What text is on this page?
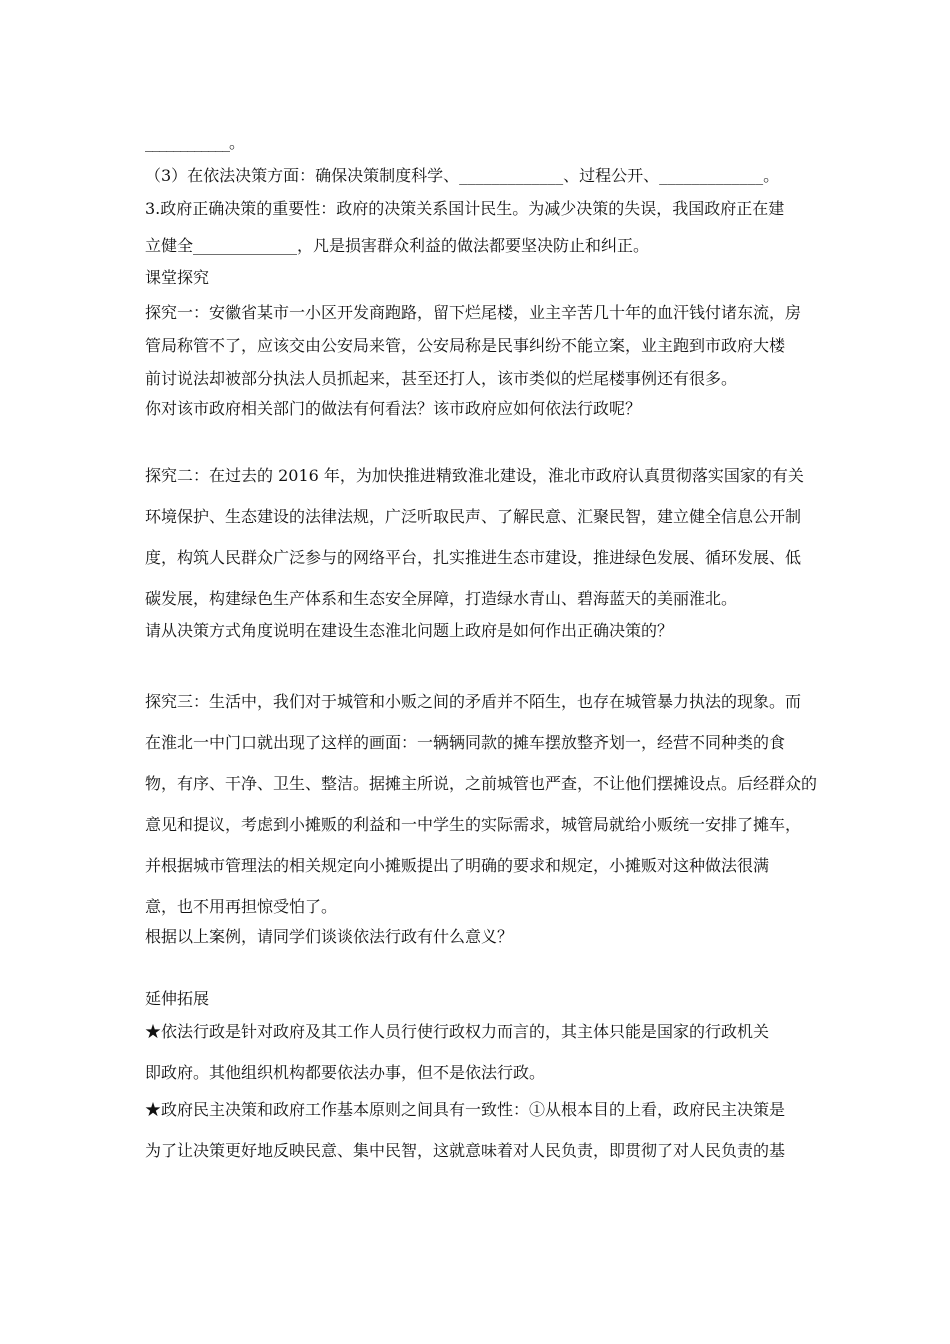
____________。
（3）在依法决策方面：确保决策制度科学、_____________、过程公开、_____________。
3.政府正确决策的重要性：政府的决策关系国计民生。为减少决策的失误，我国政府正在建
立健全_____________，凡是损害群众利益的做法都要坚决防止和纠正。
课堂探究
探究一：安徽省某市一小区开发商跑路，留下烂尾楼，业主辛苦几十年的血汗钱付诸东流，房
管局称管不了，应该交由公安局来管，公安局称是民事纠纷不能立案，业主跑到市政府大楼
前讨说法却被部分执法人员抓起来，甚至还打人，该市类似的烂尾楼事例还有很多。
你对该市政府相关部门的做法有何看法？该市政府应如何依法行政呢？
探究二：在过去的 2016 年，为加快推进精致淮北建设，淮北市政府认真贯彻落实国家的有关
环境保护、生态建设的法律法规，广泛听取民声、了解民意、汇聚民智，建立健全信息公开制
度，构筑人民群众广泛参与的网络平台，扎实推进生态市建设，推进绿色发展、循环发展、低
碳发展，构建绿色生产体系和生态安全屏障，打造绿水青山、碧海蓝天的美丽淮北。
请从决策方式角度说明在建设生态淮北问题上政府是如何作出正确决策的？
探究三：生活中，我们对于城管和小贩之间的矛盾并不陌生，也存在城管暴力执法的现象。而
在淮北一中门口就出现了这样的画面：一辆辆同款的摊车摆放整齐划一，经营不同种类的食
物，有序、干净、卫生、整洁。据摊主所说，之前城管也严查，不让他们摆摊设点。后经群众的
意见和提议，考虑到小摊贩的利益和一中学生的实际需求，城管局就给小贩统一安排了摊车，
并根据城市管理法的相关规定向小摊贩提出了明确的要求和规定，小摊贩对这种做法很满
意，也不用再担惊受怕了。
根据以上案例，请同学们谈谈依法行政有什么意义？
延伸拓展
★依法行政是针对政府及其工作人员行使行政权力而言的，其主体只能是国家的行政机关
即政府。其他组织机构都要依法办事，但不是依法行政。
★政府民主决策和政府工作基本原则之间具有一致性：①从根本目的上看，政府民主决策是
为了让决策更好地反映民意、集中民智，这就意味着对人民负责，即贯彻了对人民负责的基
